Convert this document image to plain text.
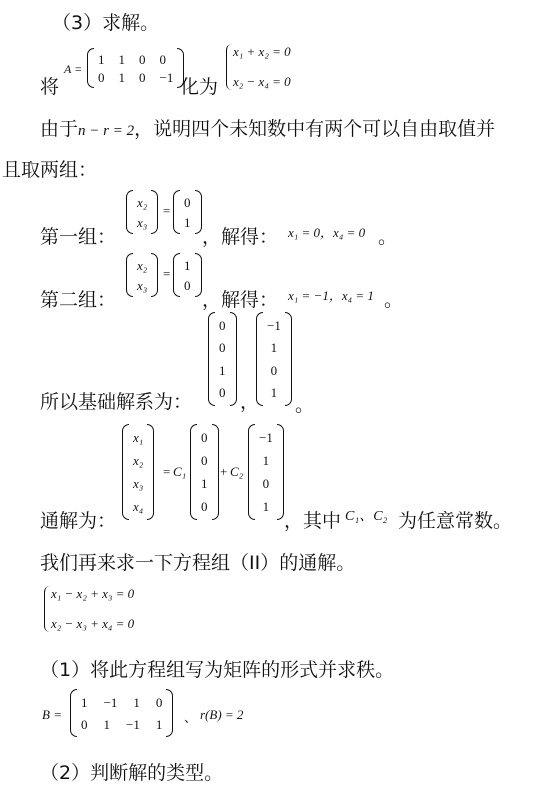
（3）求解。
将
A =
1 1 0 0
0 1 0 −1 化为
x₁ + x₂ = 0
x₂ − x₄ = 0
由于n − r = 2，说明四个未知数中有两个可以自由取值并
且取两组：
第一组：
x₂
x₃
=
0
1
，解得： x₁ = 0，x₄ = 0 。
第二组：
x₂
x₃
=
1
0
，解得： x₁ = −1，x₄ = 1 。
所以基础解系为：
0
0
1
0 ，
−1
1
0
1
。
通解为：
x₁
x₂
x₃
x₄
= C₁
0
0
1
0
+ C₂
−1
1
0
1
，其中 C₁、C₂ 为任意常数。
我们再来求一下方程组（II）的通解。
x₁ − x₂ + x₃ = 0
x₂ − x₃ + x₄ = 0
（1）将此方程组写为矩阵的形式并求秩。
B =
1 −1 1 0
0 1 −1 1 、 r(B) = 2
（2）判断解的类型。
